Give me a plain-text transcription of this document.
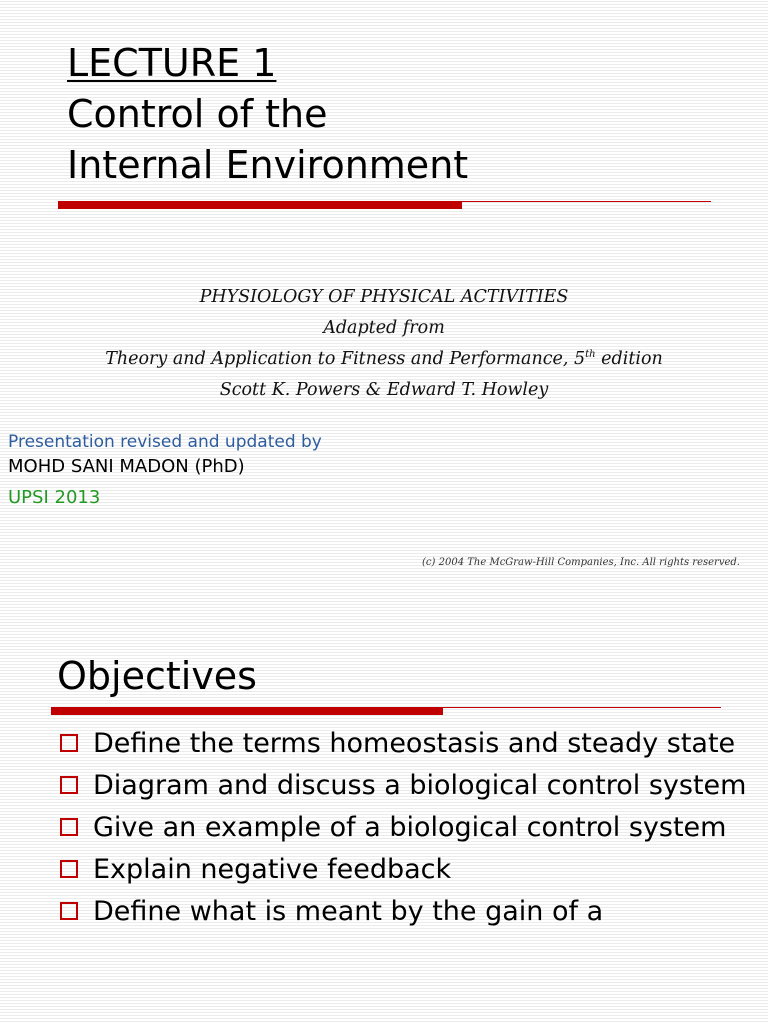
LECTURE 1
Control of the
Internal Environment
PHYSIOLOGY OF PHYSICAL ACTIVITIES
Adapted from
Theory and Application to Fitness and Performance, 5th edition
Scott K. Powers & Edward T. Howley
Presentation revised and updated by
MOHD SANI MADON (PhD)
UPSI 2013
(c) 2004 The McGraw-Hill Companies, Inc. All rights reserved.
Objectives
Define the terms homeostasis and steady state
Diagram and discuss a biological control system
Give an example of a biological control system
Explain negative feedback
Define what is meant by the gain of a
